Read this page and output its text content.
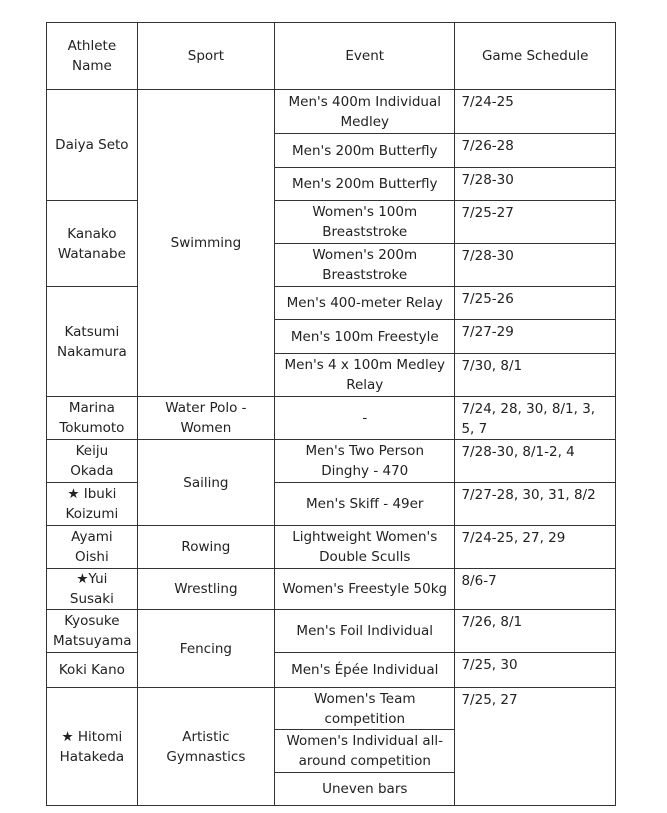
Athlete Name	Sport	Event	Game Schedule
Daiya Seto	Swimming	Men's 400m Individual Medley	7/24-25
		Men's 200m Butterfly	7/26-28
		Men's 200m Butterfly	7/28-30
Kanako Watanabe		Women's 100m Breaststroke	7/25-27
		Women's 200m Breaststroke	7/28-30
Katsumi Nakamura		Men's 400-meter Relay	7/25-26
		Men's 100m Freestyle	7/27-29
		Men's 4 x 100m Medley Relay	7/30, 8/1
Marina Tokumoto	Water Polo - Women	-	7/24, 28, 30, 8/1, 3, 5, 7
Keiju Okada	Sailing	Men's Two Person Dinghy - 470	7/28-30, 8/1-2, 4
★ Ibuki Koizumi		Men's Skiff - 49er	7/27-28, 30, 31, 8/2
Ayami Oishi	Rowing	Lightweight Women's Double Sculls	7/24-25, 27, 29
★Yui Susaki	Wrestling	Women's Freestyle 50kg	8/6-7
Kyosuke Matsuyama	Fencing	Men's Foil Individual	7/26, 8/1
Koki Kano		Men's Épée Individual	7/25, 30
★ Hitomi Hatakeda	Artistic Gymnastics	Women's Team competition	7/25, 27
		Women's Individual all-around competition	
		Uneven bars	
